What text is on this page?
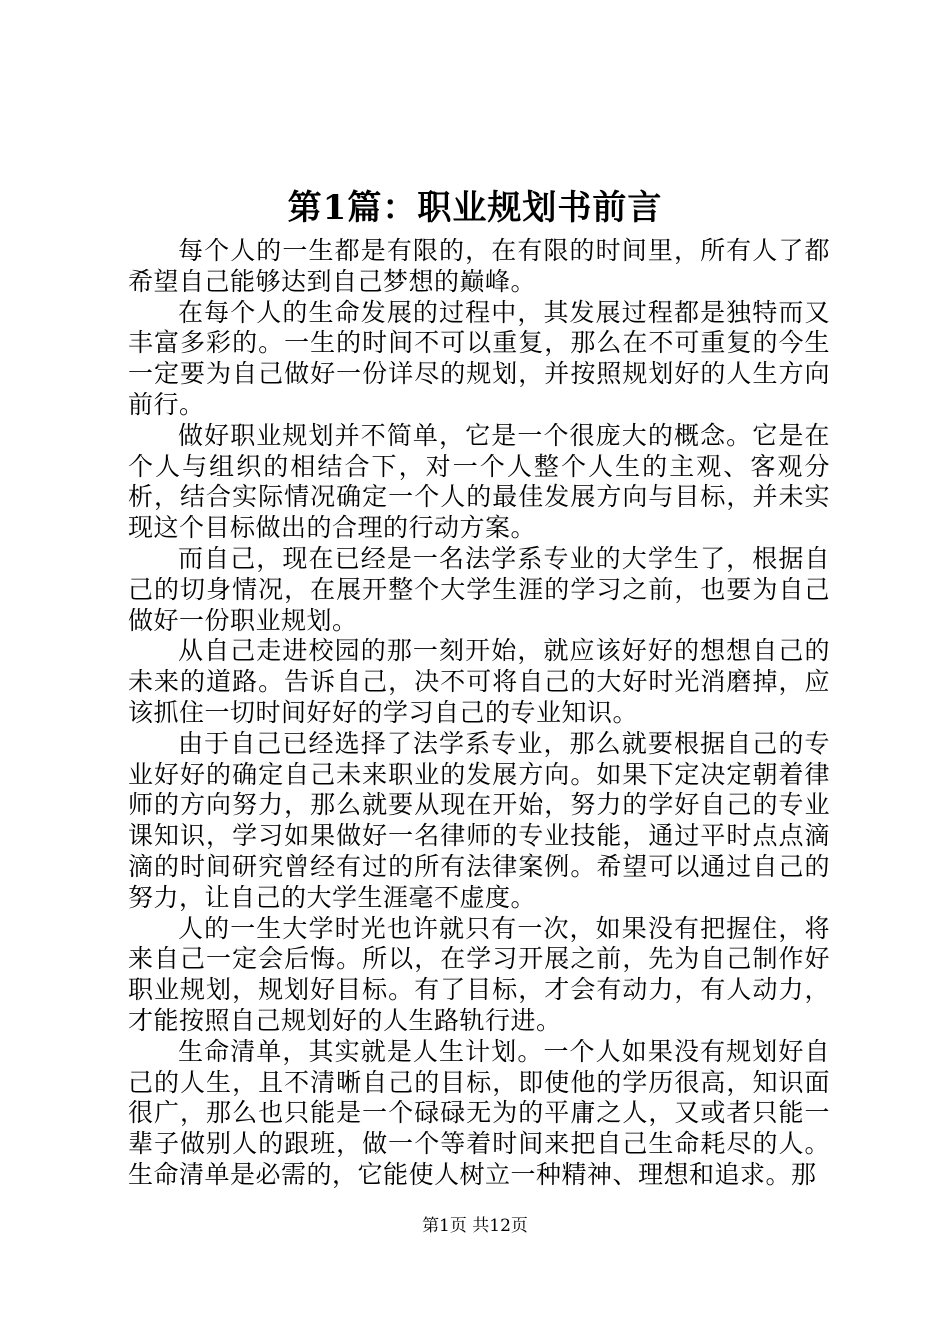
第1篇：职业规划书前言

每个人的一生都是有限的，在有限的时间里，所有人了都希望自己能够达到自己梦想的巅峰。

在每个人的生命发展的过程中，其发展过程都是独特而又丰富多彩的。一生的时间不可以重复，那么在不可重复的今生一定要为自己做好一份详尽的规划，并按照规划好的人生方向前行。

做好职业规划并不简单，它是一个很庞大的概念。它是在个人与组织的相结合下，对一个人整个人生的主观、客观分析，结合实际情况确定一个人的最佳发展方向与目标，并未实现这个目标做出的合理的行动方案。

而自己，现在已经是一名法学系专业的大学生了，根据自己的切身情况，在展开整个大学生涯的学习之前，也要为自己做好一份职业规划。

从自己走进校园的那一刻开始，就应该好好的想想自己的未来的道路。告诉自己，决不可将自己的大好时光消磨掉，应该抓住一切时间好好的学习自己的专业知识。

由于自己已经选择了法学系专业，那么就要根据自己的专业好好的确定自己未来职业的发展方向。如果下定决定朝着律师的方向努力，那么就要从现在开始，努力的学好自己的专业课知识，学习如果做好一名律师的专业技能，通过平时点点滴滴的时间研究曾经有过的所有法律案例。希望可以通过自己的努力，让自己的大学生涯毫不虚度。

人的一生大学时光也许就只有一次，如果没有把握住，将来自己一定会后悔。所以，在学习开展之前，先为自己制作好职业规划，规划好目标。有了目标，才会有动力，有人动力，才能按照自己规划好的人生路轨行进。

生命清单，其实就是人生计划。一个人如果没有规划好自己的人生，且不清晰自己的目标，即使他的学历很高，知识面很广，那么也只能是一个碌碌无为的平庸之人，又或者只能一辈子做别人的跟班，做一个等着时间来把自己生命耗尽的人。生命清单是必需的，它能使人树立一种精神、理想和追求。那

第1页 共12页
